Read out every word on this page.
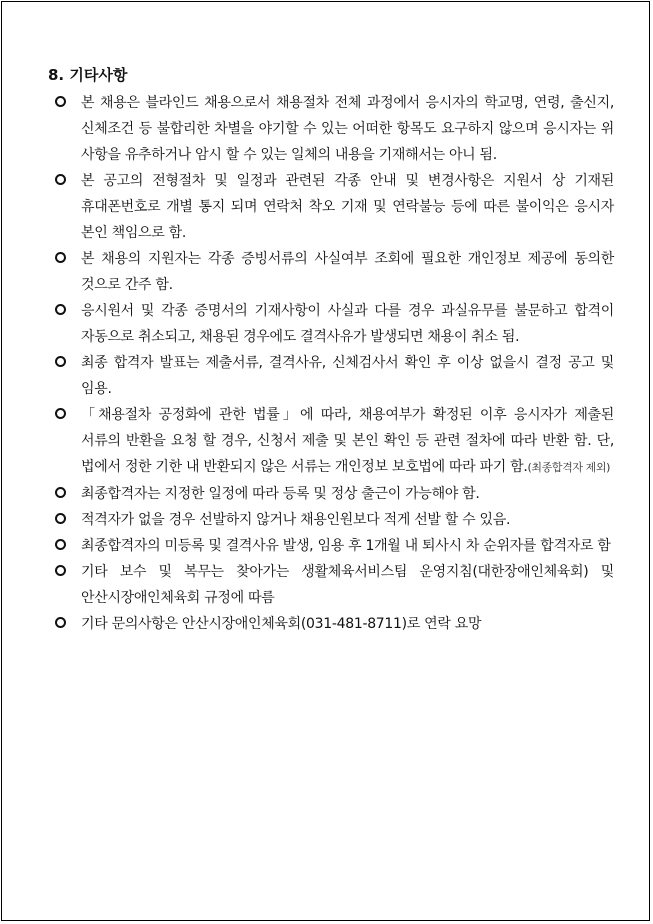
8. 기타사항
본 채용은 블라인드 채용으로서 채용절차 전체 과정에서 응시자의 학교명, 연령, 출신지, 신체조건 등 불합리한 차별을 야기할 수 있는 어떠한 항목도 요구하지 않으며 응시자는 위 사항을 유추하거나 암시 할 수 있는 일체의 내용을 기재해서는 아니 됨.
본 공고의 전형절차 및 일정과 관련된 각종 안내 및 변경사항은 지원서 상 기재된 휴대폰번호로 개별 통지 되며 연락처 착오 기재 및 연락불능 등에 따른 불이익은 응시자 본인 책임으로 함.
본 채용의 지원자는 각종 증빙서류의 사실여부 조회에 필요한 개인정보 제공에 동의한 것으로 간주 함.
응시원서 및 각종 증명서의 기재사항이 사실과 다를 경우 과실유무를 불문하고 합격이 자동으로 취소되고, 채용된 경우에도 결격사유가 발생되면 채용이 취소 됨.
최종 합격자 발표는 제출서류, 결격사유, 신체검사서 확인 후 이상 없을시 결정 공고 및 임용.
「채용절차 공정화에 관한 법률」에 따라, 채용여부가 확정된 이후 응시자가 제출된 서류의 반환을 요청 할 경우, 신청서 제출 및 본인 확인 등 관련 절차에 따라 반환 함. 단, 법에서 정한 기한 내 반환되지 않은 서류는 개인정보 보호법에 따라 파기 함.(최종합격자 제외)
최종합격자는 지정한 일정에 따라 등록 및 정상 출근이 가능해야 함.
적격자가 없을 경우 선발하지 않거나 채용인원보다 적게 선발 할 수 있음.
최종합격자의 미등록 및 결격사유 발생, 임용 후 1개월 내 퇴사시 차 순위자를 합격자로 함
기타 보수 및 복무는 찾아가는 생활체육서비스팀 운영지침(대한장애인체육회) 및 안산시장애인체육회 규정에 따름
기타 문의사항은 안산시장애인체육회(031-481-8711)로 연락 요망
